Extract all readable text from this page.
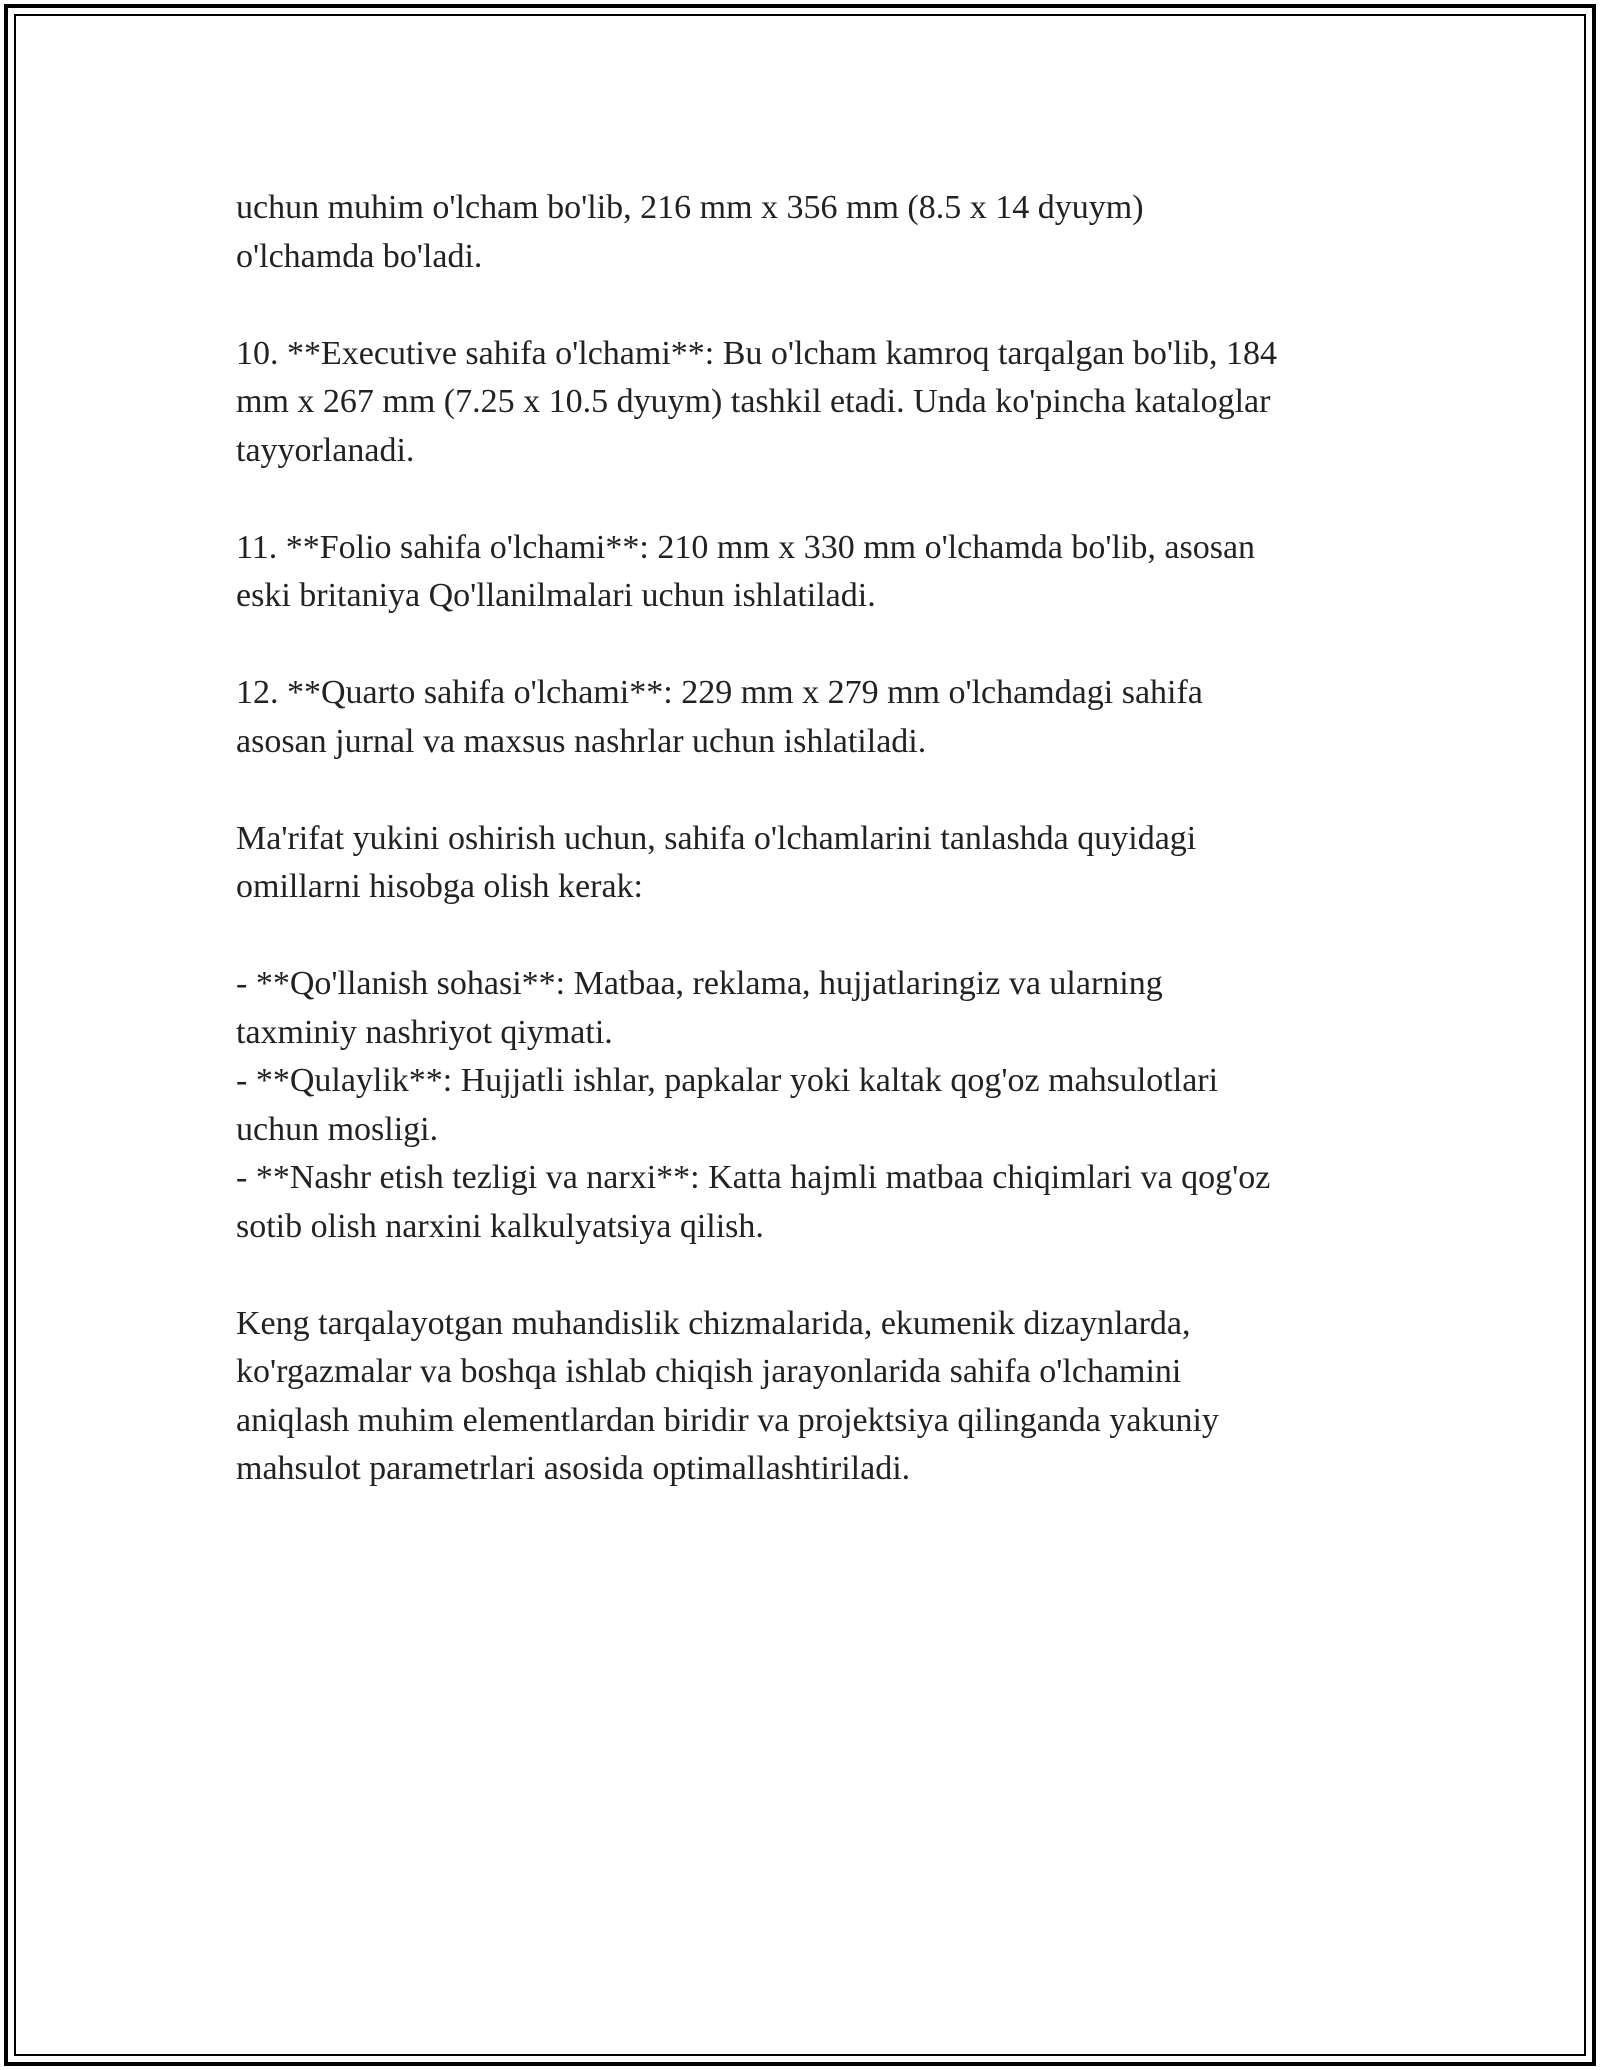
uchun muhim o'lcham bo'lib, 216 mm x 356 mm (8.5 x 14 dyuym)
o'lchamda bo'ladi.
10. **Executive sahifa o'lchami**: Bu o'lcham kamroq tarqalgan bo'lib, 184
mm x 267 mm (7.25 x 10.5 dyuym) tashkil etadi. Unda ko'pincha kataloglar
tayyorlanadi.
11. **Folio sahifa o'lchami**: 210 mm x 330 mm o'lchamda bo'lib, asosan
eski britaniya Qo'llanilmalari uchun ishlatiladi.
12. **Quarto sahifa o'lchami**: 229 mm x 279 mm o'lchamdagi sahifa
asosan jurnal va maxsus nashrlar uchun ishlatiladi.
Ma'rifat yukini oshirish uchun, sahifa o'lchamlarini tanlashda quyidagi
omillarni hisobga olish kerak:
- **Qo'llanish sohasi**: Matbaa, reklama, hujjatlaringiz va ularning
taxminiy nashriyot qiymati.
- **Qulaylik**: Hujjatli ishlar, papkalar yoki kaltak qog'oz mahsulotlari
uchun mosligi.
- **Nashr etish tezligi va narxi**: Katta hajmli matbaa chiqimlari va qog'oz
sotib olish narxini kalkulyatsiya qilish.
Keng tarqalayotgan muhandislik chizmalarida, ekumenik dizaynlarda,
ko'rgazmalar va boshqa ishlab chiqish jarayonlarida sahifa o'lchamini
aniqlash muhim elementlardan biridir va projektsiya qilinganda yakuniy
mahsulot parametrlari asosida optimallashtiriladi.
